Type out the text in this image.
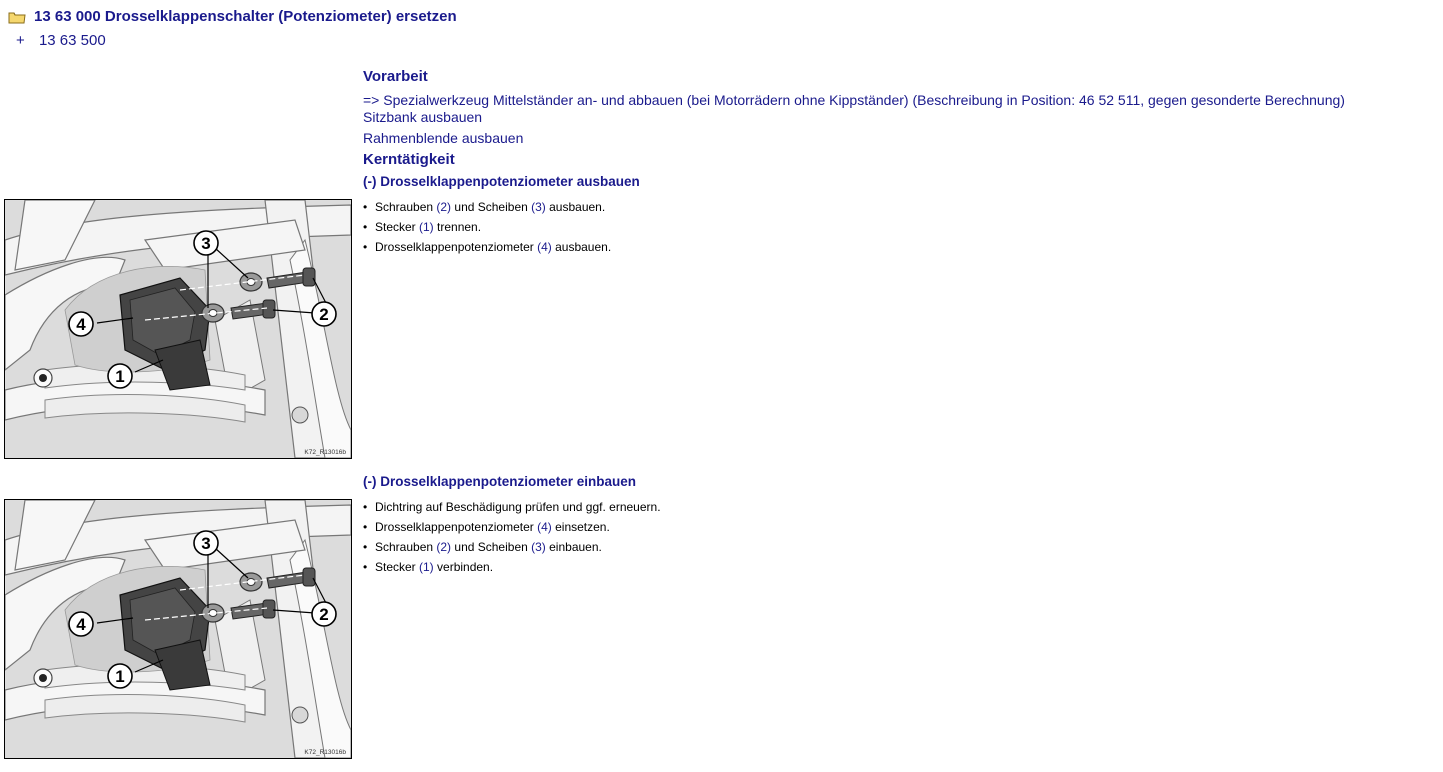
13 63 000 Drosselklappenschalter (Potenziometer) ersetzen
+ 13 63 500
Vorarbeit
=> Spezialwerkzeug Mittelständer an- und abbauen (bei Motorrädern ohne Kippständer) (Beschreibung in Position: 46 52 511, gegen gesonderte Berechnung)
Sitzbank ausbauen
Rahmenblende ausbauen
Kerntätigkeit
(-) Drosselklappenpotenziometer ausbauen
• Schrauben (2) und Scheiben (3) ausbauen.
• Stecker (1) trennen.
• Drosselklappenpotenziometer (4) ausbauen.
(-) Drosselklappenpotenziometer einbauen
• Dichtring auf Beschädigung prüfen und ggf. erneuern.
• Drosselklappenpotenziometer (4) einsetzen.
• Schrauben (2) und Scheiben (3) einbauen.
• Stecker (1) verbinden.
1
2
3
4
K72_R13016b
1
2
3
4
K72_R13016b
